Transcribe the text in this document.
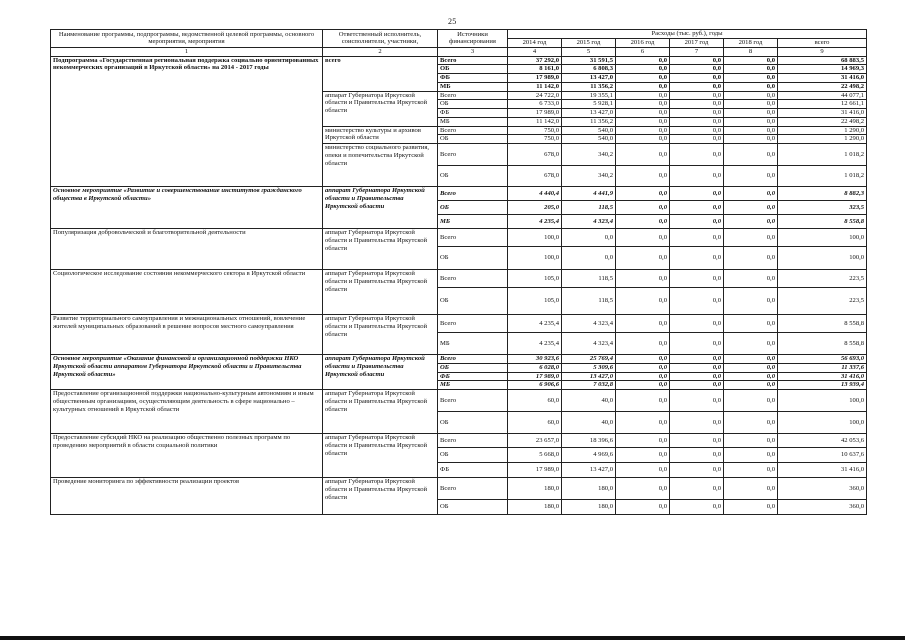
25
Наименование программы, подпрограммы, ведомственной целевой программы, основного мероприятия, мероприятия	Ответственный исполнитель, соисполнители, участники,	Источники финансирования	Расходы (тыс. руб.), годы					
			2014 год	2015 год	2016 год	2017 год	2018 год	всего
1	2	3	4	5	6	7	8	9
Подпрограмма «Государственная региональная поддержка социально ориентированных некоммерческих организаций в Иркутской области» на 2014 - 2017 годы	всего	Всего	37 292,0	31 591,5	0,0	0,0	0,0	68 883,5
		ОБ	8 161,0	6 808,3	0,0	0,0	0,0	14 969,3
		ФБ	17 989,0	13 427,0	0,0	0,0	0,0	31 416,0
		МБ	11 142,0	11 356,2	0,0	0,0	0,0	22 498,2
	аппарат Губернатора Иркутской области и Правительства Иркутской области	Всего	24 722,0	19 355,1	0,0	0,0	0,0	44 077,1
		ОБ	6 733,0	5 928,1	0,0	0,0	0,0	12 661,1
		ФБ	17 989,0	13 427,0	0,0	0,0	0,0	31 416,0
		МБ	11 142,0	11 356,2	0,0	0,0	0,0	22 498,2
	министерство культуры и архивов Иркутской области	Всего	750,0	540,0	0,0	0,0	0,0	1 290,0
		ОБ	750,0	540,0	0,0	0,0	0,0	1 290,0
	министерство социального развития, опеки и попечительства Иркутской области	Всего	678,0	340,2	0,0	0,0	0,0	1 018,2
		ОБ	678,0	340,2	0,0	0,0	0,0	1 018,2
Основное мероприятие «Развитие и совершенствование институтов гражданского общества в Иркутской области»	аппарат Губернатора Иркутской области и Правительства Иркутской области	Всего	4 440,4	4 441,9	0,0	0,0	0,0	8 882,3
		ОБ	205,0	118,5	0,0	0,0	0,0	323,5
		МБ	4 235,4	4 323,4	0,0	0,0	0,0	8 558,8
Популяризация добровольческой и благотворительной деятельности	аппарат Губернатора Иркутской области и Правительства Иркутской области	Всего	100,0	0,0	0,0	0,0	0,0	100,0
		ОБ	100,0	0,0	0,0	0,0	0,0	100,0
Социологическое исследование состояния некоммерческого сектора в Иркутской области	аппарат Губернатора Иркутской области и Правительства Иркутской области	Всего	105,0	118,5	0,0	0,0	0,0	223,5
		ОБ	105,0	118,5	0,0	0,0	0,0	223,5
Развитие территориального самоуправления и межнациональных отношений, вовлечение жителей муниципальных образований в решение вопросов местного самоуправления	аппарат Губернатора Иркутской области и Правительства Иркутской области	Всего	4 235,4	4 323,4	0,0	0,0	0,0	8 558,8
		МБ	4 235,4	4 323,4	0,0	0,0	0,0	8 558,8
Основное мероприятие «Оказание финансовой и организационной поддержки НКО Иркутской области аппаратом Губернатора Иркутской области и Правительства Иркутской области»	аппарат Губернатора Иркутской области и Правительства Иркутской области	Всего	30 923,6	25 769,4	0,0	0,0	0,0	56 693,0
		ОБ	6 028,0	5 309,6	0,0	0,0	0,0	11 337,6
		ФБ	17 989,0	13 427,0	0,0	0,0	0,0	31 416,0
		МБ	6 906,6	7 032,8	0,0	0,0	0,0	13 939,4
Предоставление организационной поддержки национально-культурным автономиям и иным общественным организациям, осуществляющим деятельность в сфере национально – культурных отношений в Иркутской области	аппарат Губернатора Иркутской области и Правительства Иркутской области	Всего	60,0	40,0	0,0	0,0	0,0	100,0
		ОБ	60,0	40,0	0,0	0,0	0,0	100,0
Предоставление субсидий НКО на реализацию общественно полезных программ по проведению мероприятий в области социальной политики	аппарат Губернатора Иркутской области и Правительства Иркутской области	Всего	23 657,0	18 396,6	0,0	0,0	0,0	42 053,6
		ОБ	5 668,0	4 969,6	0,0	0,0	0,0	10 637,6
		ФБ	17 989,0	13 427,0	0,0	0,0	0,0	31 416,0
Проведение мониторинга по эффективности реализации проектов	аппарат Губернатора Иркутской области и Правительства Иркутской области	Всего	180,0	180,0	0,0	0,0	0,0	360,0
		ОБ	180,0	180,0	0,0	0,0	0,0	360,0
